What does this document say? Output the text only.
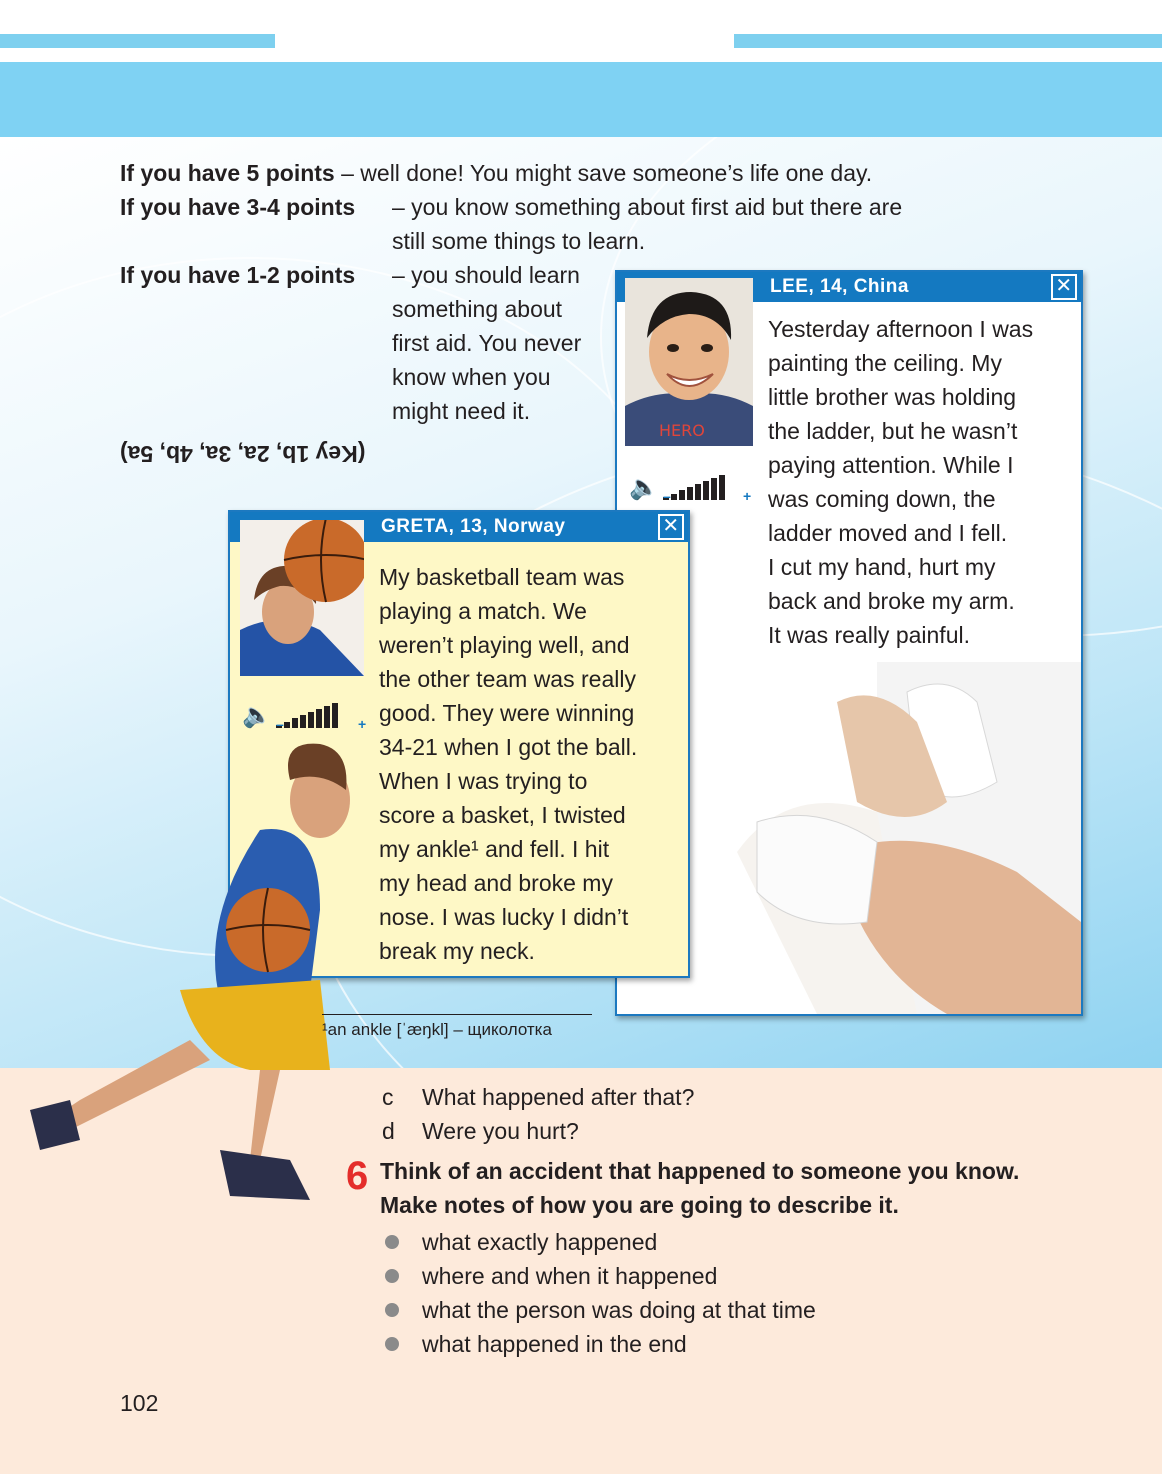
If you have 5 points – well done! You might save someone’s life one day.
If you have 3-4 points – you know something about first aid but there are
still some things to learn.
If you have 1-2 points – you should learn
something about
first aid. You never
know when you
might need it.
(Key 1b, 2a, 3a, 4b, 5a)
LEE, 14, China	✕
HERO
🔈 –	+
Yesterday afternoon I was
painting the ceiling. My
little brother was holding
the ladder, but he wasn’t
paying attention. While I
was coming down, the
ladder moved and I fell.
I cut my hand, hurt my
back and broke my arm.
It was really painful.
GRETA, 13, Norway	✕
🔈 –	+
My basketball team was
playing a match. We
weren’t playing well, and
the other team was really
good. They were winning
34-21 when I got the ball.
When I was trying to
score a basket, I twisted
my ankle¹ and fell. I hit
my head and broke my
nose. I was lucky I didn’t
break my neck.
¹an ankle [ˈæŋkl] – щиколотка
c What happened after that?
d Were you hurt?
6 Think of an accident that happened to someone you know.
Make notes of how you are going to describe it.
what exactly happened
where and when it happened
what the person was doing at that time
what happened in the end
102
